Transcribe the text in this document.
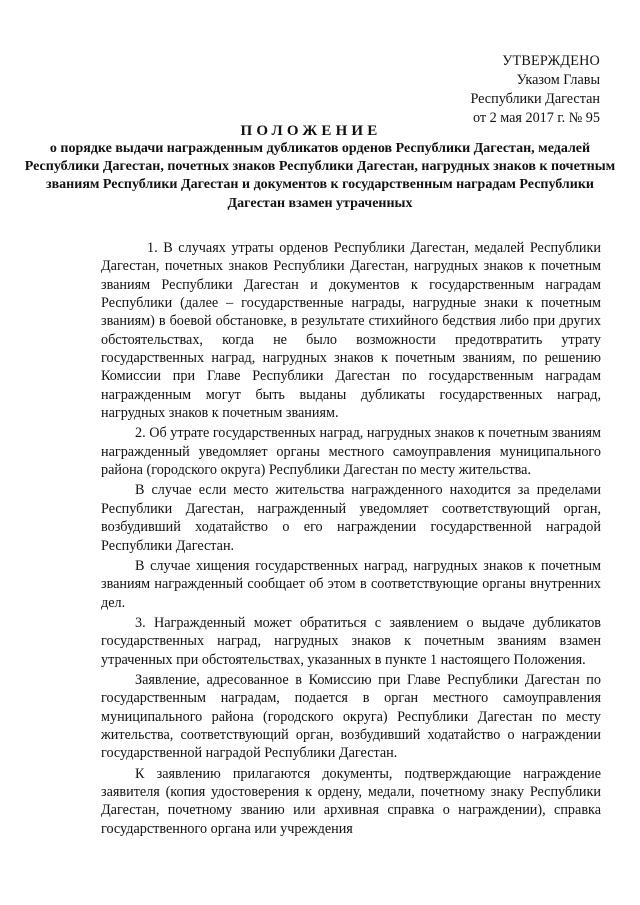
УТВЕРЖДЕНО
Указом Главы
Республики Дагестан
от 2 мая 2017 г. № 95
ПОЛОЖЕНИЕ
о порядке выдачи награжденным дубликатов орденов Республики Дагестан, медалей Республики Дагестан, почетных знаков Республики Дагестан, нагрудных знаков к почетным званиям Республики Дагестан и документов к государственным наградам Республики Дагестан взамен утраченных

1. В случаях утраты орденов Республики Дагестан, медалей Республики Дагестан, почетных знаков Республики Дагестан, нагрудных знаков к почетным званиям Республики Дагестан и документов к государственным наградам Республики (далее – государственные награды, нагрудные знаки к почетным званиям) в боевой обстановке, в результате стихийного бедствия либо при других обстоятельствах, когда не было возможности предотвратить утрату государственных наград, нагрудных знаков к почетным званиям, по решению Комиссии при Главе Республики Дагестан по государственным наградам награжденным могут быть выданы дубликаты государственных наград, нагрудных знаков к почетным званиям.

2. Об утрате государственных наград, нагрудных знаков к почетным званиям награжденный уведомляет органы местного самоуправления муниципального района (городского округа) Республики Дагестан по месту жительства.

В случае если место жительства награжденного находится за пределами Республики Дагестан, награжденный уведомляет соответствующий орган, возбудивший ходатайство о его награждении государственной наградой Республики Дагестан.

В случае хищения государственных наград, нагрудных знаков к почетным званиям награжденный сообщает об этом в соответствующие органы внутренних дел.

3. Награжденный может обратиться с заявлением о выдаче дубликатов государственных наград, нагрудных знаков к почетным званиям взамен утраченных при обстоятельствах, указанных в пункте 1 настоящего Положения.

Заявление, адресованное в Комиссию при Главе Республики Дагестан по государственным наградам, подается в орган местного самоуправления муниципального района (городского округа) Республики Дагестан по месту жительства, соответствующий орган, возбудивший ходатайство о награждении государственной наградой Республики Дагестан.

К заявлению прилагаются документы, подтверждающие награждение заявителя (копия удостоверения к ордену, медали, почетному знаку Республики Дагестан, почетному званию или архивная справка о награждении), справка государственного органа или учреждения
